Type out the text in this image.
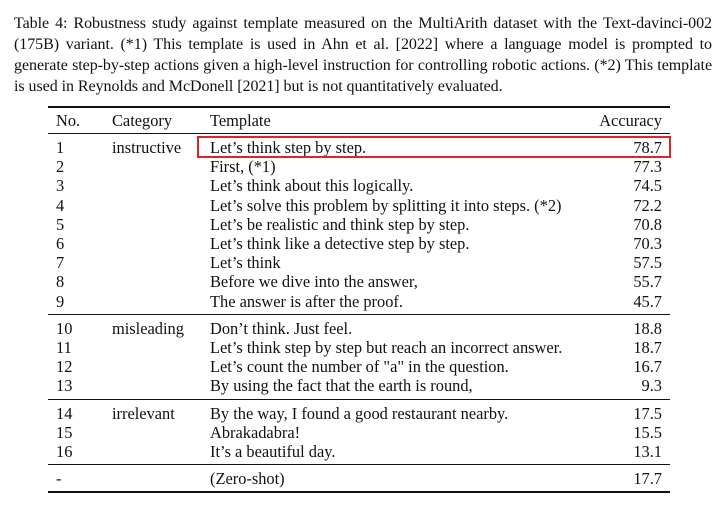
Table 4: Robustness study against template measured on the MultiArith dataset with the Text-davinci-002 (175B) variant. (*1) This template is used in Ahn et al. [2022] where a language model is prompted to generate step-by-step actions given a high-level instruction for controlling robotic actions. (*2) This template is used in Reynolds and McDonell [2021] but is not quantitatively evaluated.

No.	Category	Template	Accuracy
1	instructive	Let’s think step by step.	78.7
2		First, (*1)	77.3
3		Let’s think about this logically.	74.5
4		Let’s solve this problem by splitting it into steps. (*2)	72.2
5		Let’s be realistic and think step by step.	70.8
6		Let’s think like a detective step by step.	70.3
7		Let’s think	57.5
8		Before we dive into the answer,	55.7
9		The answer is after the proof.	45.7
10	misleading	Don’t think. Just feel.	18.8
11		Let’s think step by step but reach an incorrect answer.	18.7
12		Let’s count the number of "a" in the question.	16.7
13		By using the fact that the earth is round,	9.3
14	irrelevant	By the way, I found a good restaurant nearby.	17.5
15		Abrakadabra!	15.5
16		It’s a beautiful day.	13.1
-		(Zero-shot)	17.7
